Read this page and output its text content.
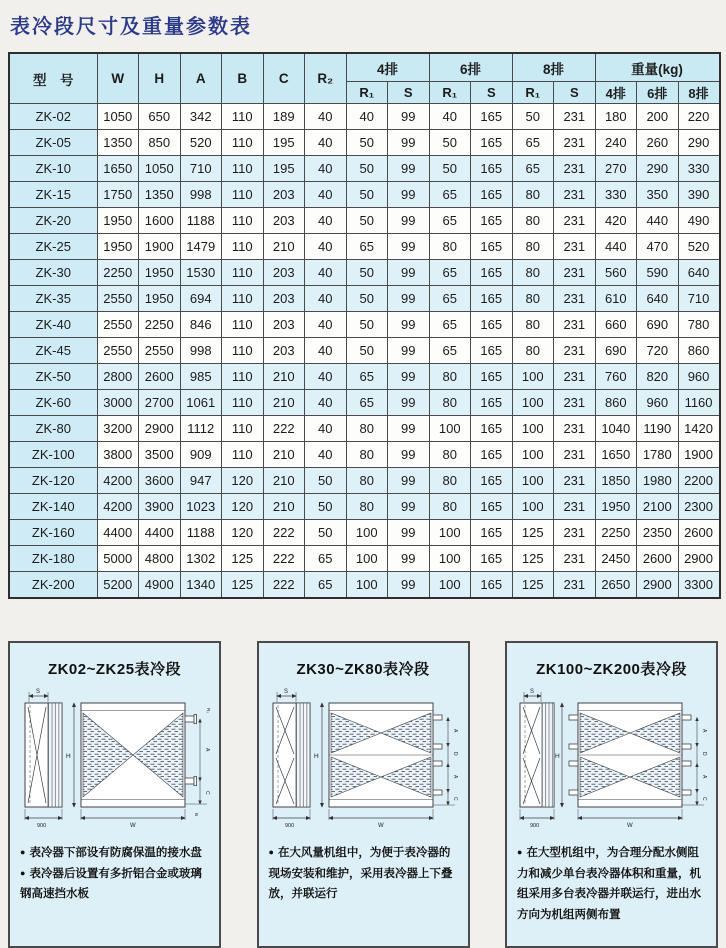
表冷段尺寸及重量参数表
型　号	W	H	A	B	C	R₂	4排		6排		8排		重量(kg)		
							R₁	S	R₁	S	R₁	S	4排	6排	8排
ZK-02	1050	650	342	110	189	40	40	99	40	165	50	231	180	200	220
ZK-05	1350	850	520	110	195	40	50	99	50	165	65	231	240	260	290
ZK-10	1650	1050	710	110	195	40	50	99	50	165	65	231	270	290	330
ZK-15	1750	1350	998	110	203	40	50	99	65	165	80	231	330	350	390
ZK-20	1950	1600	1188	110	203	40	50	99	65	165	80	231	420	440	490
ZK-25	1950	1900	1479	110	210	40	65	99	80	165	80	231	440	470	520
ZK-30	2250	1950	1530	110	203	40	50	99	65	165	80	231	560	590	640
ZK-35	2550	1950	694	110	203	40	50	99	65	165	80	231	610	640	710
ZK-40	2550	2250	846	110	203	40	50	99	65	165	80	231	660	690	780
ZK-45	2550	2550	998	110	203	40	50	99	65	165	80	231	690	720	860
ZK-50	2800	2600	985	110	210	40	65	99	80	165	100	231	760	820	960
ZK-60	3000	2700	1061	110	210	40	65	99	80	165	100	231	860	960	1160
ZK-80	3200	2900	1112	110	222	40	80	99	100	165	100	231	1040	1190	1420
ZK-100	3800	3500	909	110	210	40	80	99	80	165	100	231	1650	1780	1900
ZK-120	4200	3600	947	120	210	50	80	99	80	165	100	231	1850	1980	2200
ZK-140	4200	3900	1023	120	210	50	80	99	80	165	100	231	1950	2100	2300
ZK-160	4400	4400	1188	120	222	50	100	99	100	165	125	231	2250	2350	2600
ZK-180	5000	4800	1302	125	222	65	100	99	100	165	125	231	2450	2600	2900
ZK-200	5200	4900	1340	125	222	65	100	99	100	165	125	231	2650	2900	3300
ZK02~ZK25表冷段
S
900
H
W
R₂
A
C
B
● 表冷器下部设有防腐保温的接水盘
● 表冷器后设置有多折铝合金或玻璃钢高速挡水板
ZK30~ZK80表冷段
S
900
H
W
A
D
A
C
● 在大风量机组中，为便于表冷器的现场安装和维护，采用表冷器上下叠放，并联运行
ZK100~ZK200表冷段
S
900
H
W
A
D
A
C
● 在大型机组中，为合理分配水侧阻力和减少单台表冷器体积和重量，机组采用多台表冷器并联运行，进出水方向为机组两侧布置
